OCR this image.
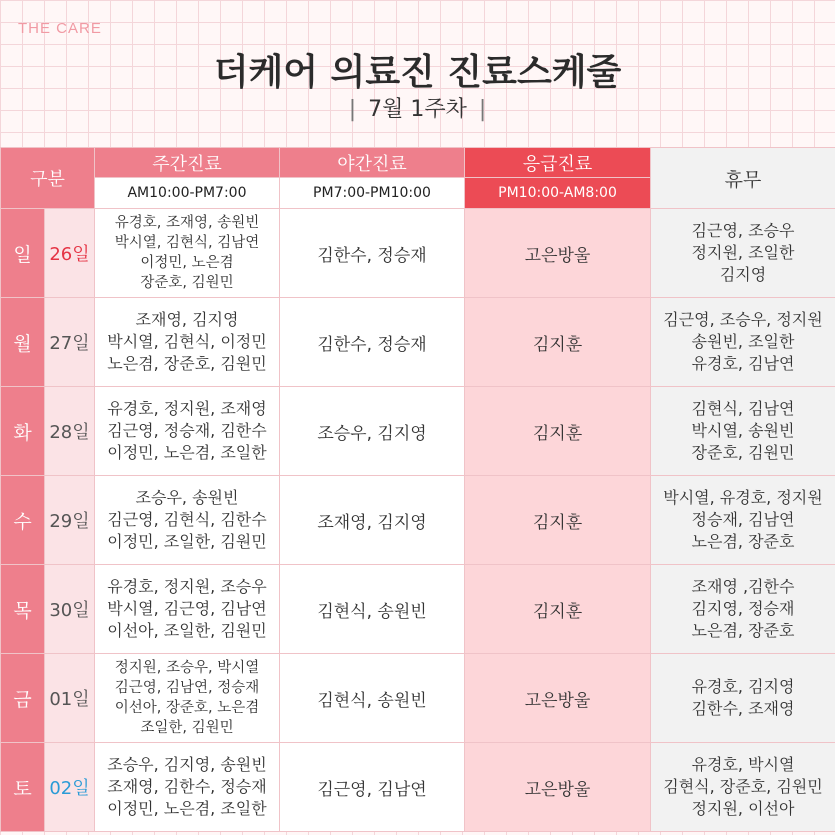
THE CARE
더케어 의료진 진료스케줄
| 7월 1주차 |
구분		주간진료	야간진료	응급진료	휴무
		AM10:00-PM7:00	PM7:00-PM10:00	PM10:00-AM8:00	
일	26일	유경호, 조재영, 송원빈
박시열, 김현식, 김남연
이정민, 노은겸
장준호, 김원민	김한수, 정승재	고은방울	김근영, 조승우
정지원, 조일한
김지영

월	27일	조재영, 김지영
박시열, 김현식, 이정민
노은겸, 장준호, 김원민	김한수, 정승재	김지훈	김근영, 조승우, 정지원
송원빈, 조일한
유경호, 김남연

화	28일	유경호, 정지원, 조재영
김근영, 정승재, 김한수
이정민, 노은겸, 조일한	조승우, 김지영	김지훈	김현식, 김남연
박시열, 송원빈
장준호, 김원민

수	29일	조승우, 송원빈
김근영, 김현식, 김한수
이정민, 조일한, 김원민	조재영, 김지영	김지훈	박시열, 유경호, 정지원
정승재, 김남연
노은겸, 장준호

목	30일	유경호, 정지원, 조승우
박시열, 김근영, 김남연
이선아, 조일한, 김원민	김현식, 송원빈	김지훈	조재영 ,김한수
김지영, 정승재
노은겸, 장준호

금	01일	정지원, 조승우, 박시열
김근영, 김남연, 정승재
이선아, 장준호, 노은겸
조일한, 김원민	김현식, 송원빈	고은방울	유경호, 김지영
김한수, 조재영

토	02일	조승우, 김지영, 송원빈
조재영, 김한수, 정승재
이정민, 노은겸, 조일한	김근영, 김남연	고은방울	유경호, 박시열
김현식, 장준호, 김원민
정지원, 이선아
